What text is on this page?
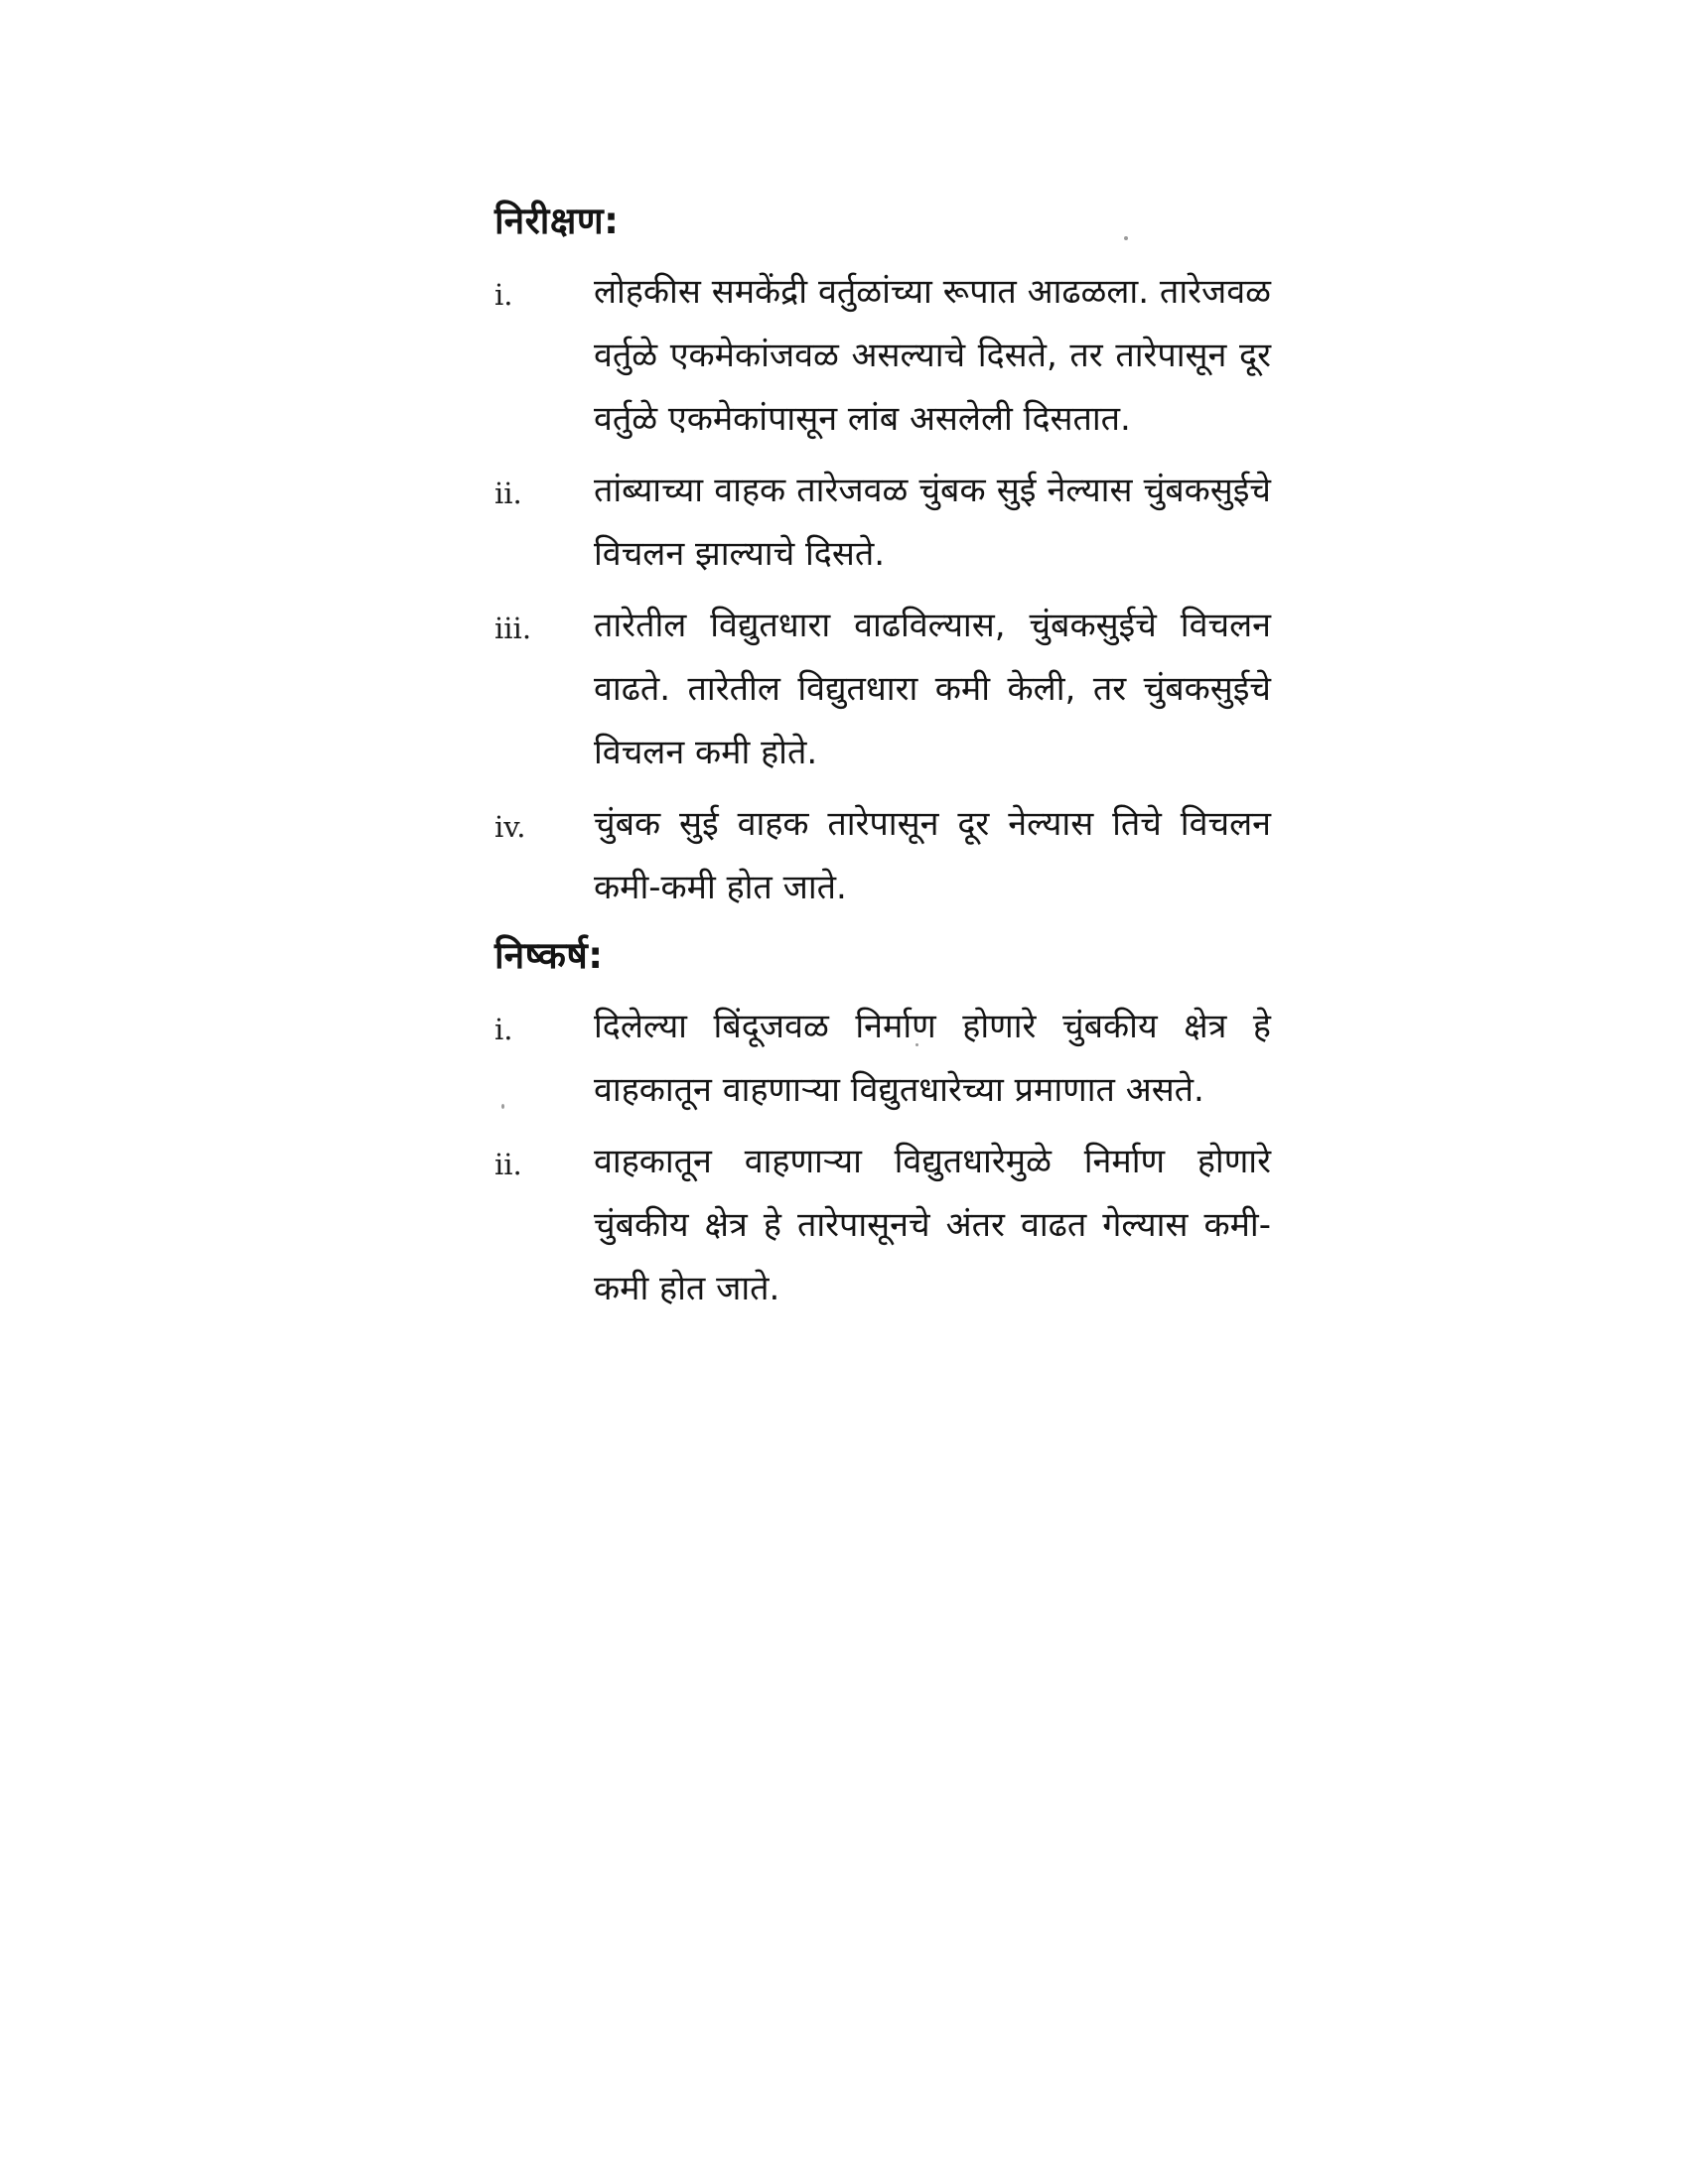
निरीक्षण:
i.	लोहकीस समकेंद्री वर्तुळांच्या रूपात आढळला. तारेजवळ वर्तुळे एकमेकांजवळ असल्याचे दिसते, तर तारेपासून दूर वर्तुळे एकमेकांपासून लांब असलेली दिसतात.

ii.	तांब्याच्या वाहक तारेजवळ चुंबक सुई नेल्यास चुंबकसुईचे विचलन झाल्याचे दिसते.

iii.	तारेतील विद्युतधारा वाढविल्यास, चुंबकसुईचे विचलन वाढते. तारेतील विद्युतधारा कमी केली, तर चुंबकसुईचे विचलन कमी होते.

iv.	चुंबक सुई वाहक तारेपासून दूर नेल्यास तिचे विचलन कमी-कमी होत जाते.

निष्कर्ष:
i.	दिलेल्या बिंदूजवळ निर्माण होणारे चुंबकीय क्षेत्र हे वाहकातून वाहणाऱ्या विद्युतधारेच्या प्रमाणात असते.

ii.	वाहकातून वाहणाऱ्या विद्युतधारेमुळे निर्माण होणारे चुंबकीय क्षेत्र हे तारेपासूनचे अंतर वाढत गेल्यास कमी-कमी होत जाते.
